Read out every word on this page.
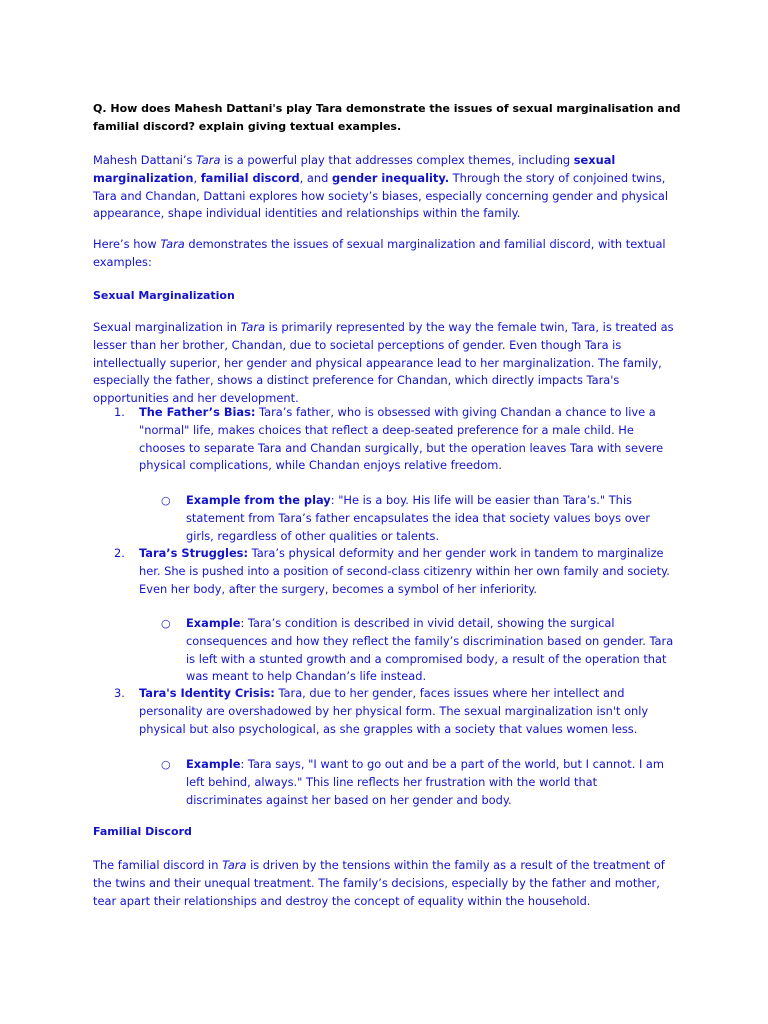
Q. How does Mahesh Dattani's play Tara demonstrate the issues of sexual marginalisation and familial discord? explain giving textual examples.
Mahesh Dattani’s Tara is a powerful play that addresses complex themes, including sexual marginalization, familial discord, and gender inequality. Through the story of conjoined twins, Tara and Chandan, Dattani explores how society’s biases, especially concerning gender and physical appearance, shape individual identities and relationships within the family.
Here’s how Tara demonstrates the issues of sexual marginalization and familial discord, with textual examples:
Sexual Marginalization
Sexual marginalization in Tara is primarily represented by the way the female twin, Tara, is treated as lesser than her brother, Chandan, due to societal perceptions of gender. Even though Tara is intellectually superior, her gender and physical appearance lead to her marginalization. The family, especially the father, shows a distinct preference for Chandan, which directly impacts Tara's opportunities and her development.
1. The Father’s Bias: Tara’s father, who is obsessed with giving Chandan a chance to live a "normal" life, makes choices that reflect a deep-seated preference for a male child. He chooses to separate Tara and Chandan surgically, but the operation leaves Tara with severe physical complications, while Chandan enjoys relative freedom.
○ Example from the play: "He is a boy. His life will be easier than Tara’s." This statement from Tara’s father encapsulates the idea that society values boys over girls, regardless of other qualities or talents.
2. Tara’s Struggles: Tara’s physical deformity and her gender work in tandem to marginalize her. She is pushed into a position of second-class citizenry within her own family and society. Even her body, after the surgery, becomes a symbol of her inferiority.
○ Example: Tara’s condition is described in vivid detail, showing the surgical consequences and how they reflect the family’s discrimination based on gender. Tara is left with a stunted growth and a compromised body, a result of the operation that was meant to help Chandan’s life instead.
3. Tara's Identity Crisis: Tara, due to her gender, faces issues where her intellect and personality are overshadowed by her physical form. The sexual marginalization isn't only physical but also psychological, as she grapples with a society that values women less.
○ Example: Tara says, "I want to go out and be a part of the world, but I cannot. I am left behind, always." This line reflects her frustration with the world that discriminates against her based on her gender and body.
Familial Discord
The familial discord in Tara is driven by the tensions within the family as a result of the treatment of the twins and their unequal treatment. The family’s decisions, especially by the father and mother, tear apart their relationships and destroy the concept of equality within the household.
